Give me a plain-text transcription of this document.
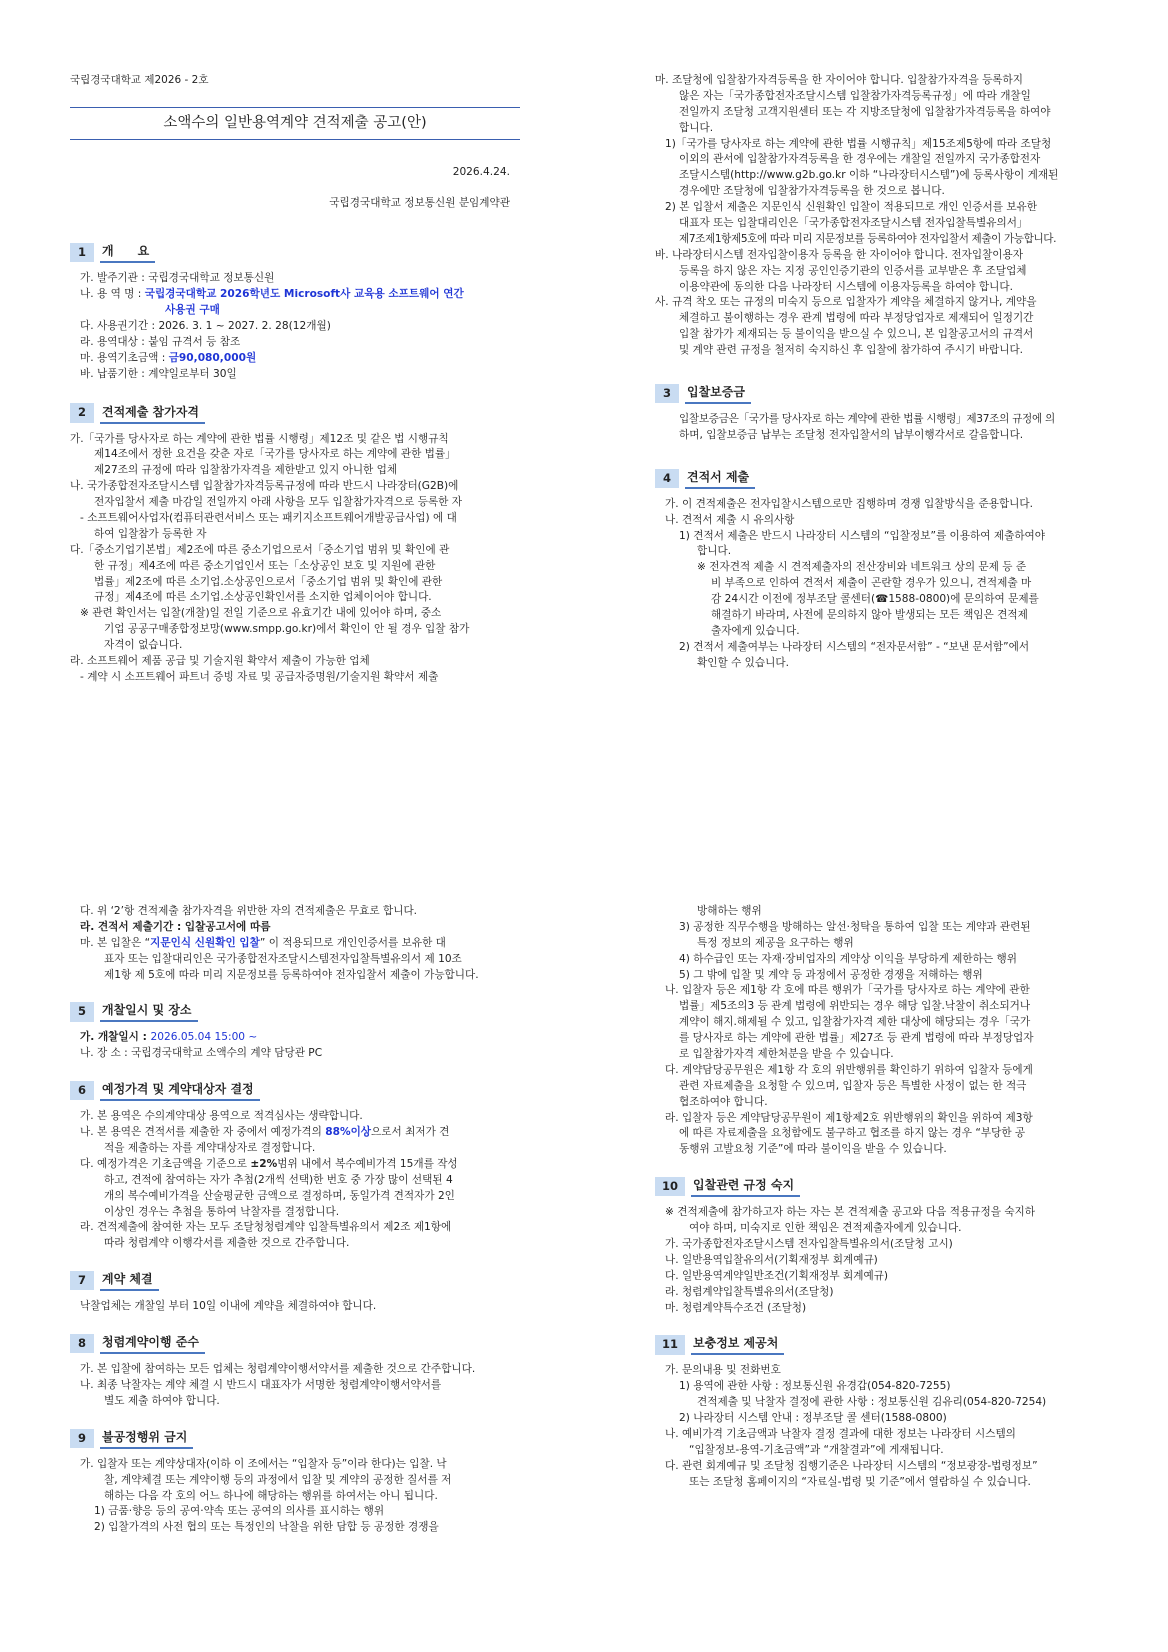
국립경국대학교 제2026 - 2호
소액수의 일반용역계약 견적제출 공고(안)
2026.4.24.
국립경국대학교 정보통신원 분임계약관
1	개　　요
가. 발주기관 : 국립경국대학교 정보통신원
나. 용 역 명 : 국립경국대학교 2026학년도 Microsoft사 교육용 소프트웨어 연간
사용권 구매
다. 사용권기간 : 2026. 3. 1 ~ 2027. 2. 28(12개월)
라. 용역대상 : 붙임 규격서 등 참조
마. 용역기초금액 : 금90,080,000원
바. 납품기한 : 계약일로부터 30일
2	견적제출 참가자격
가.「국가를 당사자로 하는 계약에 관한 법률 시행령」제12조 및 같은 법 시행규칙
제14조에서 정한 요건을 갖춘 자로「국가를 당사자로 하는 계약에 관한 법률」
제27조의 규정에 따라 입찰참가자격을 제한받고 있지 아니한 업체
나. 국가종합전자조달시스템 입찰참가자격등록규정에 따라 반드시 나라장터(G2B)에
전자입찰서 제출 마감일 전일까지 아래 사항을 모두 입찰참가자격으로 등록한 자
- 소프트웨어사업자(컴퓨터관련서비스 또는 패키지소프트웨어개발공급사업) 에 대
하여 입찰참가 등록한 자
다.「중소기업기본법」제2조에 따른 중소기업으로서「중소기업 범위 및 확인에 관
한 규정」제4조에 따른 중소기업인서 또는「소상공인 보호 및 지원에 관한
법률」제2조에 따른 소기업.소상공인으로서「중소기업 범위 및 확인에 관한
규정」제4조에 따른 소기업.소상공인확인서를 소지한 업체이어야 합니다.
※ 관련 확인서는 입찰(개찰)일 전일 기준으로 유효기간 내에 있어야 하며, 중소
기업 공공구매종합정보망(www.smpp.go.kr)에서 확인이 안 될 경우 입찰 참가
자격이 없습니다.
라. 소프트웨어 제품 공급 및 기술지원 확약서 제출이 가능한 업체
- 계약 시 소프트웨어 파트너 증빙 자료 및 공급자증명원/기술지원 확약서 제출
마. 조달청에 입찰참가자격등록을 한 자이어야 합니다. 입찰참가자격을 등록하지
않은 자는「국가종합전자조달시스템 입찰참가자격등록규정」에 따라 개찰일
전일까지 조달청 고객지원센터 또는 각 지방조달청에 입찰참가자격등록을 하여야
합니다.
1)「국가를 당사자로 하는 계약에 관한 법률 시행규칙」제15조제5항에 따라 조달청
이외의 관서에 입찰참가자격등록을 한 경우에는 개찰일 전일까지 국가종합전자
조달시스템(http://www.g2b.go.kr 이하 “나라장터시스템”)에 등록사항이 게재된
경우에만 조달청에 입찰참가자격등록을 한 것으로 봅니다.
2) 본 입찰서 제출은 지문인식 신원확인 입찰이 적용되므로 개인 인증서를 보유한
대표자 또는 입찰대리인은「국가종합전자조달시스템 전자입찰특별유의서」
제7조제1항제5호에 따라 미리 지문정보를 등록하여야 전자입찰서 제출이 가능합니다.
바. 나라장터시스템 전자입찰이용자 등록을 한 자이어야 합니다. 전자입찰이용자
등록을 하지 않은 자는 지정 공인인증기관의 인증서를 교부받은 후 조달업체
이용약관에 동의한 다음 나라장터 시스템에 이용자등록을 하여야 합니다.
사. 규격 착오 또는 규정의 미숙지 등으로 입찰자가 계약을 체결하지 않거나, 계약을
체결하고 불이행하는 경우 관계 법령에 따라 부정당업자로 제재되어 일정기간
입찰 참가가 제재되는 등 불이익을 받으실 수 있으니, 본 입찰공고서의 규격서
및 계약 관련 규정을 철저히 숙지하신 후 입찰에 참가하여 주시기 바랍니다.
3	입찰보증금
입찰보증금은「국가를 당사자로 하는 계약에 관한 법률 시행령」제37조의 규정에 의
하며, 입찰보증금 납부는 조달청 전자입찰서의 납부이행각서로 갈음합니다.
4	견적서 제출
가. 이 견적제출은 전자입찰시스템으로만 집행하며 경쟁 입찰방식을 준용합니다.
나. 견적서 제출 시 유의사항
1) 견적서 제출은 반드시 나라장터 시스템의 “입찰정보”를 이용하여 제출하여야
합니다.
※ 전자견적 제출 시 견적제출자의 전산장비와 네트워크 상의 문제 등 준
비 부족으로 인하여 견적서 제출이 곤란할 경우가 있으니, 견적제출 마
감 24시간 이전에 정부조달 콜센터(☎1588-0800)에 문의하여 문제를
해결하기 바라며, 사전에 문의하지 않아 발생되는 모든 책임은 견적제
출자에게 있습니다.
2) 견적서 제출여부는 나라장터 시스템의 “전자문서함” - “보낸 문서함”에서
확인할 수 있습니다.
다. 위 ‘2’항 견적제출 참가자격을 위반한 자의 견적제출은 무효로 합니다.
라. 견적서 제출기간 : 입찰공고서에 따름
마. 본 입찰은 “지문인식 신원확인 입찰” 이 적용되므로 개인인증서를 보유한 대
표자 또는 입찰대리인은 국가종합전자조달시스템전자입찰특별유의서 제 10조
제1항 제 5호에 따라 미리 지문정보를 등록하여야 전자입찰서 제출이 가능합니다.
5	개찰일시 및 장소
가. 개찰일시 : 2026.05.04 15:00 ~
나. 장 소 : 국립경국대학교 소액수의 계약 담당관 PC
6	예정가격 및 계약대상자 결정
가. 본 용역은 수의계약대상 용역으로 적격심사는 생략합니다.
나. 본 용역은 견적서를 제출한 자 중에서 예정가격의 88%이상으로서 최저가 견
적을 제출하는 자를 계약대상자로 결정합니다.
다. 예정가격은 기초금액을 기준으로 ±2%범위 내에서 복수예비가격 15개를 작성
하고, 견적에 참여하는 자가 추첨(2개씩 선택)한 번호 중 가장 많이 선택된 4
개의 복수예비가격을 산술평균한 금액으로 결정하며, 동일가격 견적자가 2인
이상인 경우는 추첨을 통하여 낙찰자를 결정합니다.
라. 견적제출에 참여한 자는 모두 조달청청렴계약 입찰특별유의서 제2조 제1항에
따라 청렴계약 이행각서를 제출한 것으로 간주합니다.
7	계약 체결
낙찰업체는 개찰일 부터 10일 이내에 계약을 체결하여야 합니다.
8	청렴계약이행 준수
가. 본 입찰에 참여하는 모든 업체는 청렴계약이행서약서를 제출한 것으로 간주합니다.
나. 최종 낙찰자는 계약 체결 시 반드시 대표자가 서명한 청렴계약이행서약서를
별도 제출 하여야 합니다.
9	불공정행위 금지
가. 입찰자 또는 계약상대자(이하 이 조에서는 “입찰자 등”이라 한다)는 입찰. 낙
찰, 계약체결 또는 계약이행 등의 과정에서 입찰 및 계약의 공정한 질서를 저
해하는 다음 각 호의 어느 하나에 해당하는 행위를 하여서는 아니 됩니다.
1) 금품·향응 등의 공여·약속 또는 공여의 의사를 표시하는 행위
2) 입찰가격의 사전 협의 또는 특정인의 낙찰을 위한 담합 등 공정한 경쟁을
방해하는 행위
3) 공정한 직무수행을 방해하는 알선·청탁을 통하여 입찰 또는 계약과 관련된
특정 정보의 제공을 요구하는 행위
4) 하수급인 또는 자재·장비업자의 계약상 이익을 부당하게 제한하는 행위
5) 그 밖에 입찰 및 계약 등 과정에서 공정한 경쟁을 저해하는 행위
나. 입찰자 등은 제1항 각 호에 따른 행위가「국가를 당사자로 하는 계약에 관한
법률」제5조의3 등 관계 법령에 위반되는 경우 해당 입찰.낙찰이 취소되거나
계약이 해지.해제될 수 있고, 입찰참가자격 제한 대상에 해당되는 경우「국가
를 당사자로 하는 계약에 관한 법률」제27조 등 관계 법령에 따라 부정당업자
로 입찰참가자격 제한처분을 받을 수 있습니다.
다. 계약담당공무원은 제1항 각 호의 위반행위를 확인하기 위하여 입찰자 등에게
관련 자료제출을 요청할 수 있으며, 입찰자 등은 특별한 사정이 없는 한 적극
협조하여야 합니다.
라. 입찰자 등은 계약담당공무원이 제1항제2호 위반행위의 확인을 위하여 제3항
에 따른 자료제출을 요청함에도 불구하고 협조를 하지 않는 경우 “부당한 공
동행위 고발요청 기준”에 따라 불이익을 받을 수 있습니다.
10	입찰관련 규정 숙지
※ 견적제출에 참가하고자 하는 자는 본 견적제출 공고와 다음 적용규정을 숙지하
여야 하며, 미숙지로 인한 책임은 견적제출자에게 있습니다.
가. 국가종합전자조달시스템 전자입찰특별유의서(조달청 고시)
나. 일반용역입찰유의서(기획재정부 회계예규)
다. 일반용역계약일반조건(기획재정부 회계예규)
라. 청렴계약입찰특별유의서(조달청)
마. 청렴계약특수조건 (조달청)
11	보충정보 제공처
가. 문의내용 및 전화번호
1) 용역에 관한 사항 : 정보통신원 유경갑(054-820-7255)
견적제출 및 낙찰자 결정에 관한 사항 : 정보통신원 김유리(054-820-7254)
2) 나라장터 시스템 안내 : 정부조달 콜 센터(1588-0800)
나. 예비가격 기초금액과 낙찰자 결정 결과에 대한 정보는 나라장터 시스템의
“입찰정보-용역-기초금액”과 “개찰결과”에 게재됩니다.
다. 관련 회계예규 및 조달청 집행기준은 나라장터 시스템의 “정보광장-법령정보”
또는 조달청 홈페이지의 “자료실-법령 및 기준”에서 열람하실 수 있습니다.
